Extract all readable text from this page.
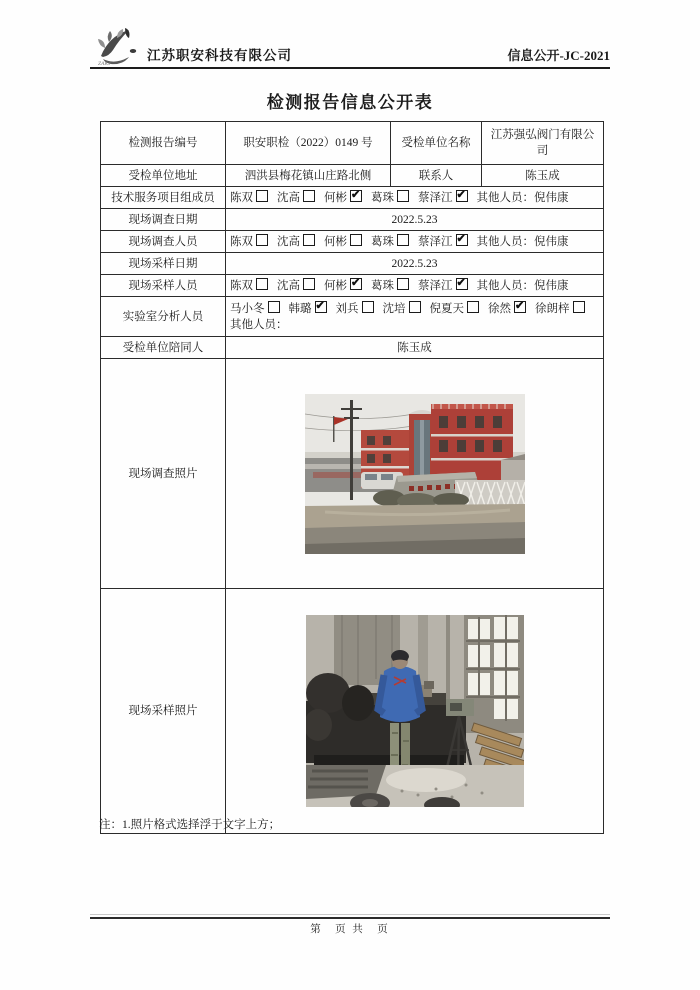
ZAKJ
江苏职安科技有限公司	信息公开-JC-2021
检测报告信息公开表
检测报告编号	职安职检（2022）0149 号	受检单位名称	江苏强弘阀门有限公司
受检单位地址	泗洪县梅花镇山庄路北侧	联系人	陈玉成
技术服务项目组成员	陈双 沈高 何彬 ✔ 葛珠 蔡泽江✔ 其他人员：倪伟康
现场调查日期	2022.5.23		
现场调查人员	陈双 沈高 何彬 葛珠 蔡泽江✔ 其他人员：倪伟康
现场采样日期	2022.5.23		
现场采样人员	陈双 沈高 何彬 ✔ 葛珠 蔡泽江✔ 其他人员：倪伟康
实验室分析人员	马小冬 韩璐 ✔ 刘兵 沈培 倪夏天 徐然✔ 徐朗梓其他人员：
受检单位陪同人	陈玉成		
现场调查照片	
现场采样照片	
注：1.照片格式选择浮于文字上方；
第　页 共　页
